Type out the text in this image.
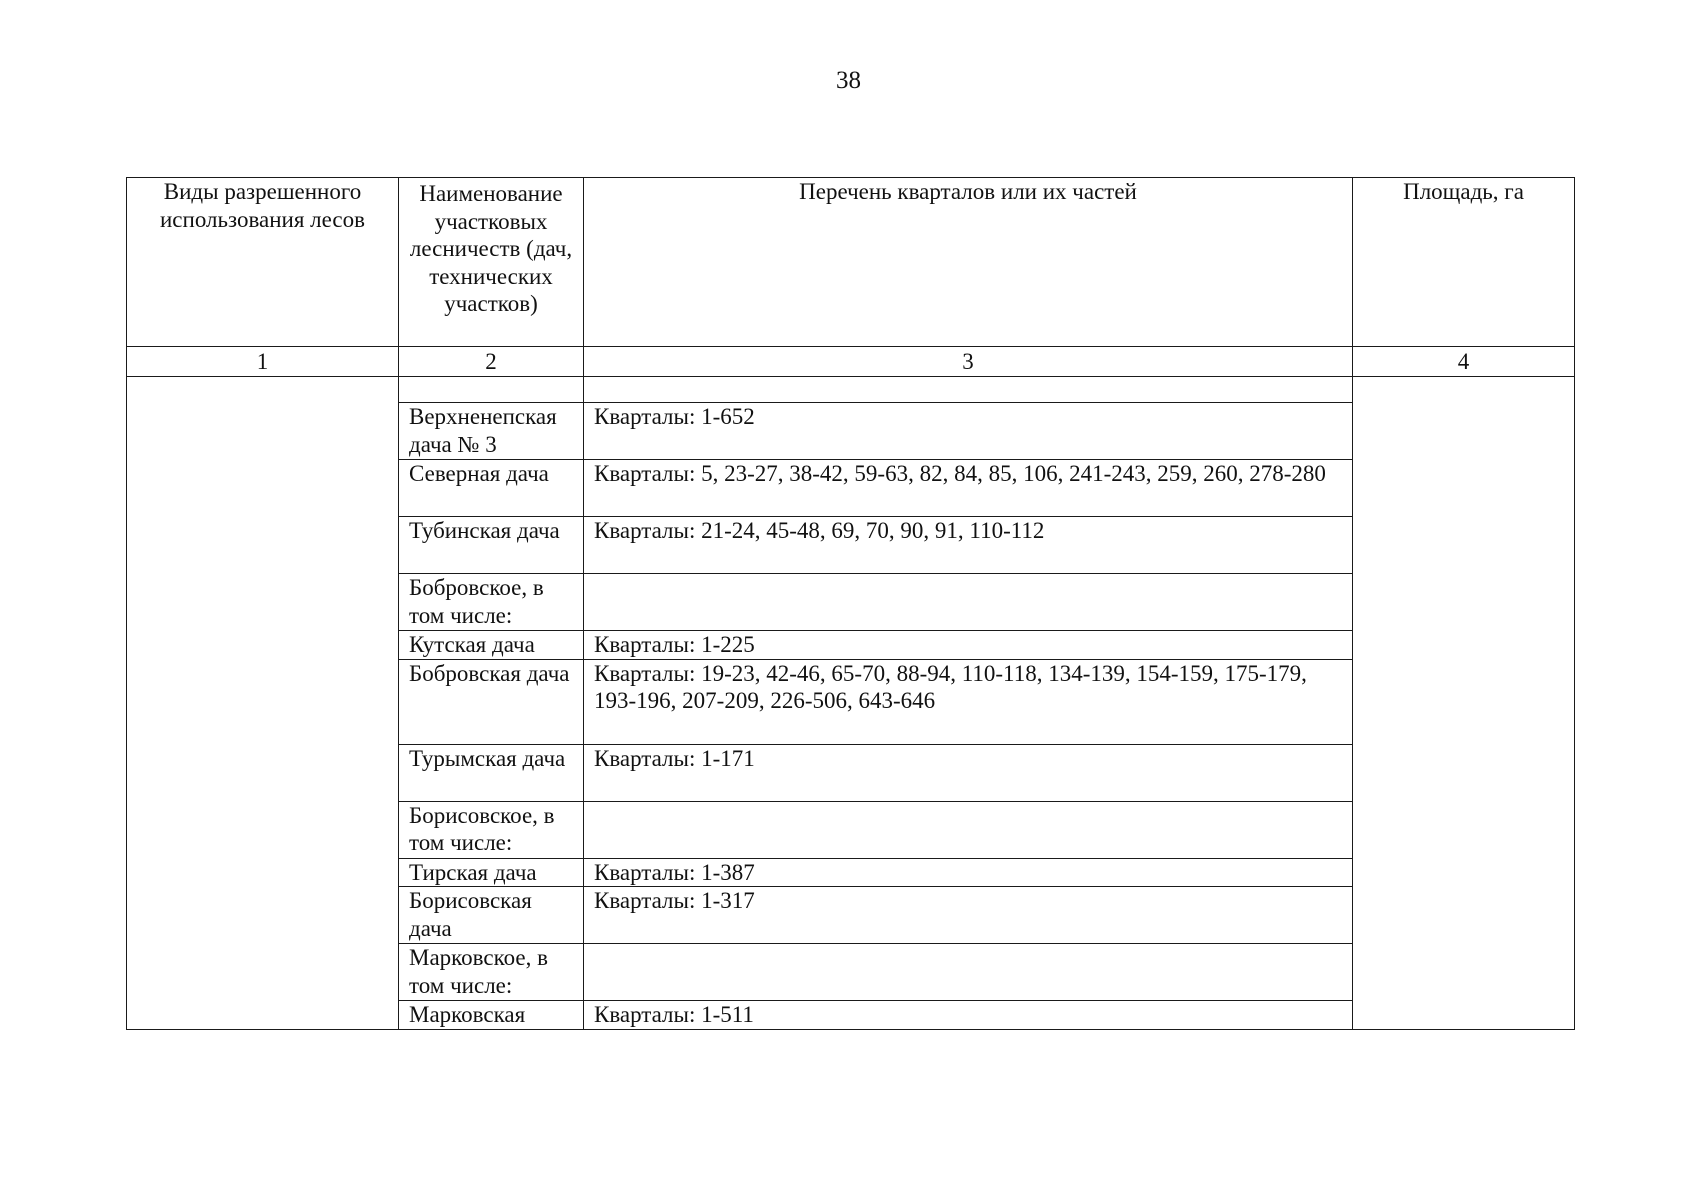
38
Виды разрешенного использования лесов	Наименование участковых лесничеств (дач, технических участков)	Перечень кварталов или их частей	Площадь, га
1	2	3	4

	Верхненепская дача № 3	Кварталы: 1-652	
	Северная дача	Кварталы: 5, 23-27, 38-42, 59-63, 82, 84, 85, 106, 241-243, 259, 260, 278-280	
	Тубинская дача	Кварталы: 21-24, 45-48, 69, 70, 90, 91, 110-112	
	Бобровское, в том числе:		
	Кутская дача	Кварталы: 1-225	
	Бобровская дача	Кварталы: 19-23, 42-46, 65-70, 88-94, 110-118, 134-139, 154-159, 175-179, 193-196, 207-209, 226-506, 643-646	
	Турымская дача	Кварталы: 1-171	
	Борисовское, в том числе:		
	Тирская дача	Кварталы: 1-387	
	Борисовская дача	Кварталы: 1-317	
	Марковское, в том числе:		
	Марковская	Кварталы: 1-511	
